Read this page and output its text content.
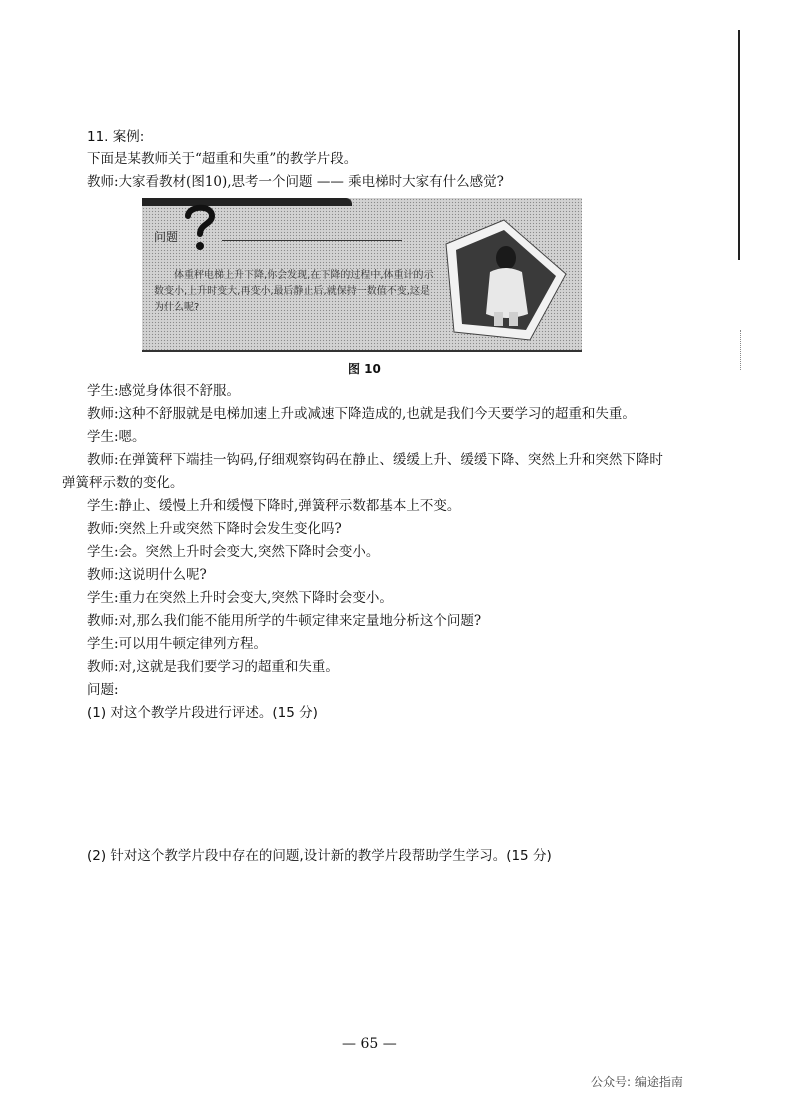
11. 案例:
下面是某教师关于“超重和失重”的教学片段。
教师:大家看教材(图10),思考一个问题 —— 乘电梯时大家有什么感觉?
问题
体重秤电梯上升下降,你会发现,在下降的过程中,体重计的示数变小,上升时变大,再变小,最后静止后,就保持一数值不变,这是为什么呢?
图 10
学生:感觉身体很不舒服。
教师:这种不舒服就是电梯加速上升或减速下降造成的,也就是我们今天要学习的超重和失重。
学生:嗯。
教师:在弹簧秤下端挂一钩码,仔细观察钩码在静止、缓缓上升、缓缓下降、突然上升和突然下降时弹簧秤示数的变化。
学生:静止、缓慢上升和缓慢下降时,弹簧秤示数都基本上不变。
教师:突然上升或突然下降时会发生变化吗?
学生:会。突然上升时会变大,突然下降时会变小。
教师:这说明什么呢?
学生:重力在突然上升时会变大,突然下降时会变小。
教师:对,那么我们能不能用所学的牛顿定律来定量地分析这个问题?
学生:可以用牛顿定律列方程。
教师:对,这就是我们要学习的超重和失重。
问题:
(1) 对这个教学片段进行评述。(15 分)
(2) 针对这个教学片段中存在的问题,设计新的教学片段帮助学生学习。(15 分)
— 65 —
公众号: 编途指南
